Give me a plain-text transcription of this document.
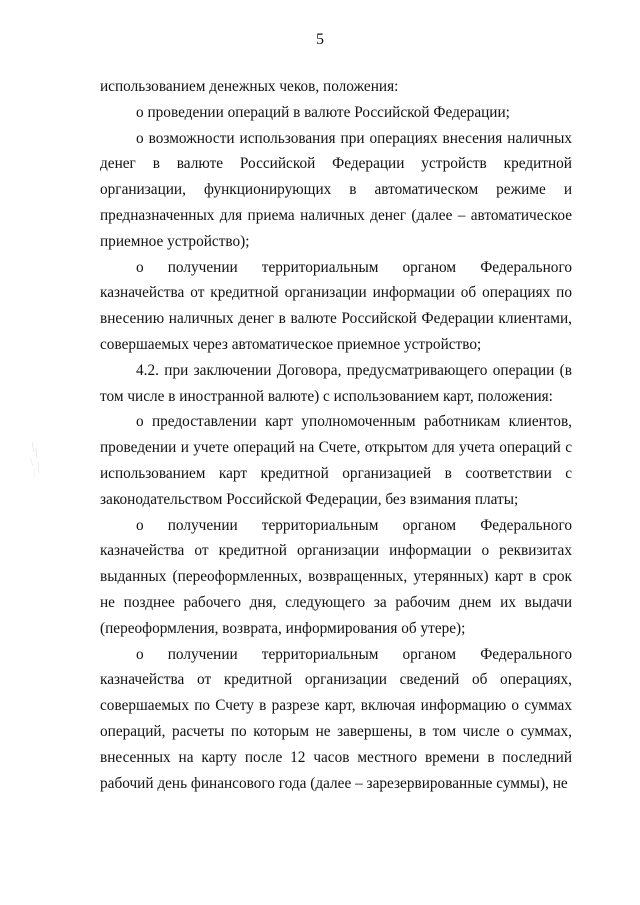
5

использованием денежных чеков, положения:

о проведении операций в валюте Российской Федерации;

о возможности использования при операциях внесения наличных денег в валюте Российской Федерации устройств кредитной организации, функционирующих в автоматическом режиме и предназначенных для приема наличных денег (далее – автоматическое приемное устройство);

о получении территориальным органом Федерального казначейства от кредитной организации информации об операциях по внесению наличных денег в валюте Российской Федерации клиентами, совершаемых через автоматическое приемное устройство;

4.2. при заключении Договора, предусматривающего операции (в том числе в иностранной валюте) с использованием карт, положения:

о предоставлении карт уполномоченным работникам клиентов, проведении и учете операций на Счете, открытом для учета операций с использованием карт кредитной организацией в соответствии с законодательством Российской Федерации, без взимания платы;

о получении территориальным органом Федерального казначейства от кредитной организации информации о реквизитах выданных (переоформленных, возвращенных, утерянных) карт в срок не позднее рабочего дня, следующего за рабочим днем их выдачи (переоформления, возврата, информирования об утере);

о получении территориальным органом Федерального казначейства от кредитной организации сведений об операциях, совершаемых по Счету в разрезе карт, включая информацию о суммах операций, расчеты по которым не завершены, в том числе о суммах, внесенных на карту после 12 часов местного времени в последний рабочий день финансового года (далее – зарезервированные суммы), не
